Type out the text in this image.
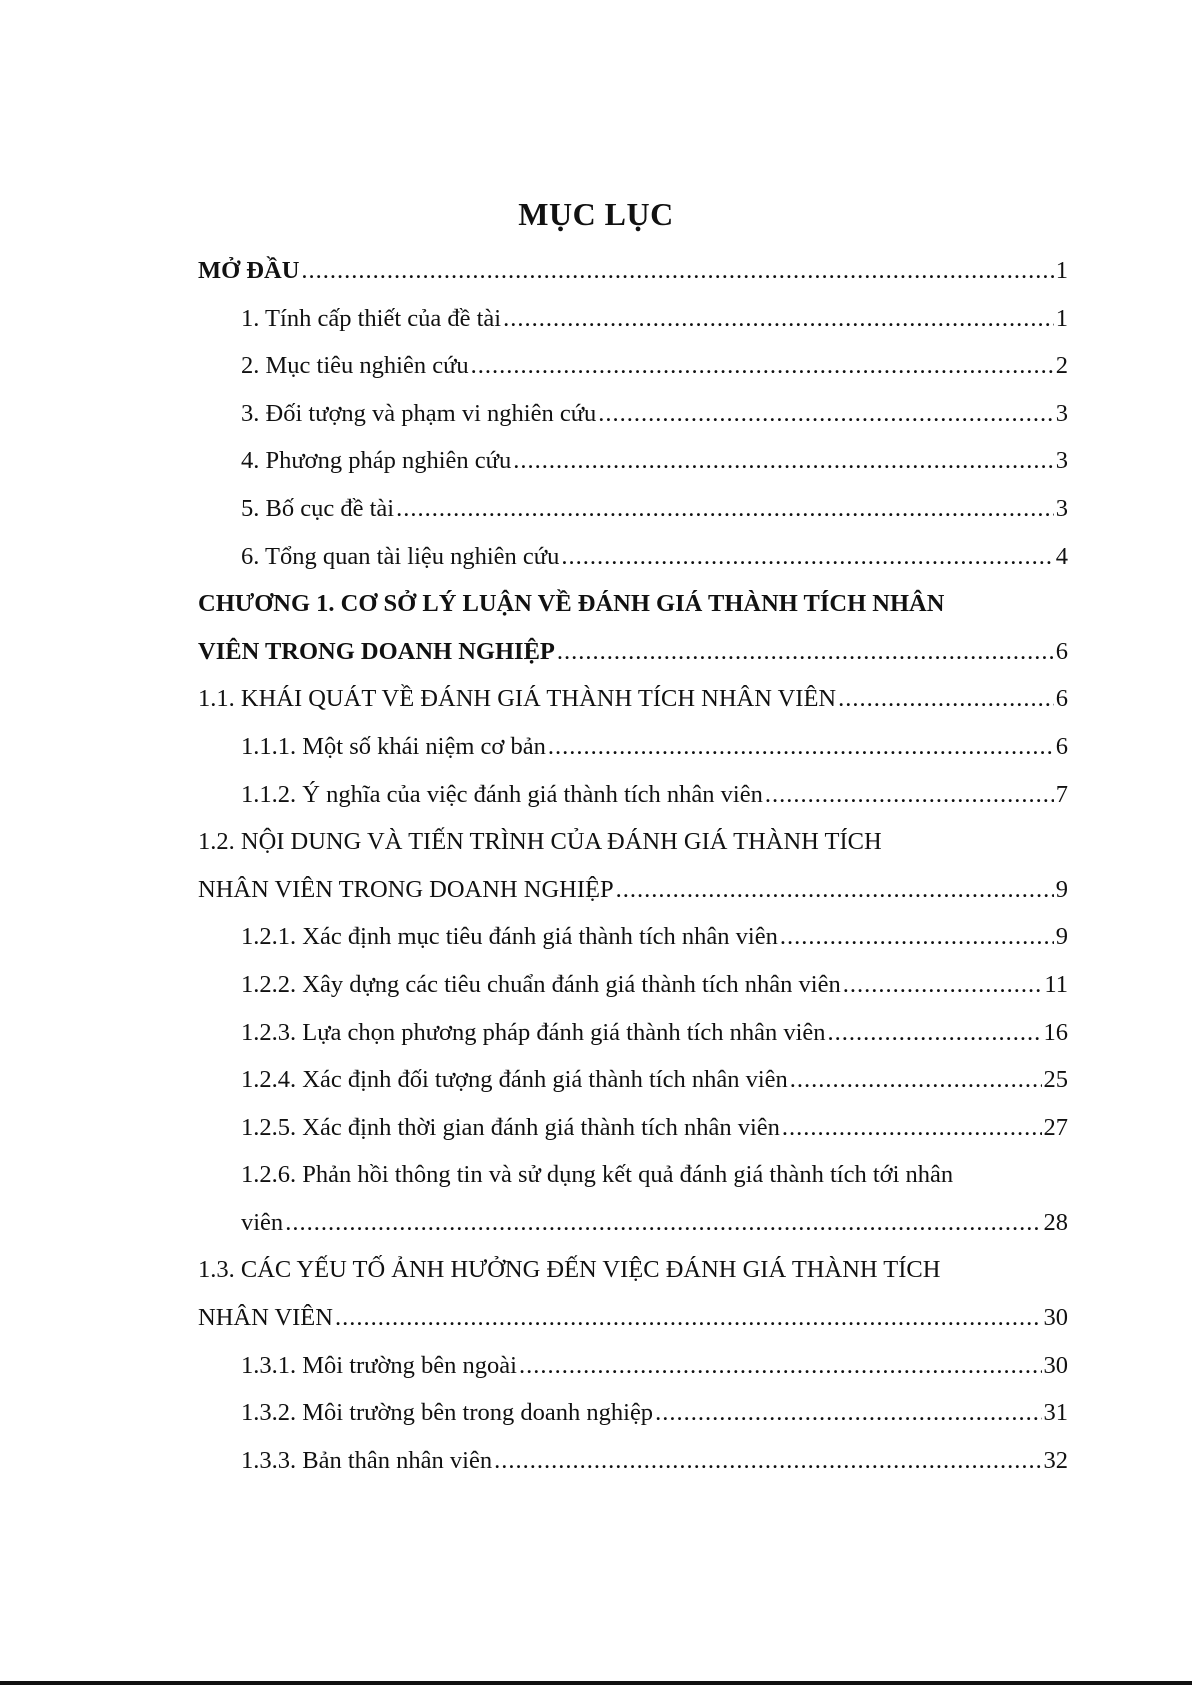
MỤC LỤC
MỞ ĐẦU .....	1
1. Tính cấp thiết của đề tài .....	1
2. Mục tiêu nghiên cứu .....	2
3. Đối tượng và phạm vi nghiên cứu .....	3
4. Phương pháp nghiên cứu .....	3
5. Bố cục đề tài .....	3
6. Tổng quan tài liệu nghiên cứu .....	4
CHƯƠNG 1. CƠ SỞ LÝ LUẬN VỀ ĐÁNH GIÁ THÀNH TÍCH NHÂN
VIÊN TRONG DOANH NGHIỆP .....	6
1.1. KHÁI QUÁT VỀ ĐÁNH GIÁ THÀNH TÍCH NHÂN VIÊN .....	6
1.1.1. Một số khái niệm cơ bản .....	6
1.1.2. Ý nghĩa của việc đánh giá thành tích nhân viên .....	7
1.2. NỘI DUNG VÀ TIẾN TRÌNH CỦA ĐÁNH GIÁ THÀNH TÍCH
NHÂN VIÊN TRONG DOANH NGHIỆP .....	9
1.2.1. Xác định mục tiêu đánh giá thành tích nhân viên .....	9
1.2.2. Xây dựng các tiêu chuẩn đánh giá thành tích nhân viên .....	11
1.2.3. Lựa chọn phương pháp đánh giá thành tích nhân viên .....	16
1.2.4. Xác định đối tượng đánh giá thành tích nhân viên .....	25
1.2.5. Xác định thời gian đánh giá thành tích nhân viên .....	27
1.2.6. Phản hồi thông tin và sử dụng kết quả đánh giá thành tích tới nhân
viên .....	28
1.3. CÁC YẾU TỐ ẢNH HƯỞNG ĐẾN VIỆC ĐÁNH GIÁ THÀNH TÍCH
NHÂN VIÊN .....	30
1.3.1. Môi trường bên ngoài .....	30
1.3.2. Môi trường bên trong doanh nghiệp .....	31
1.3.3. Bản thân nhân viên .....	32
